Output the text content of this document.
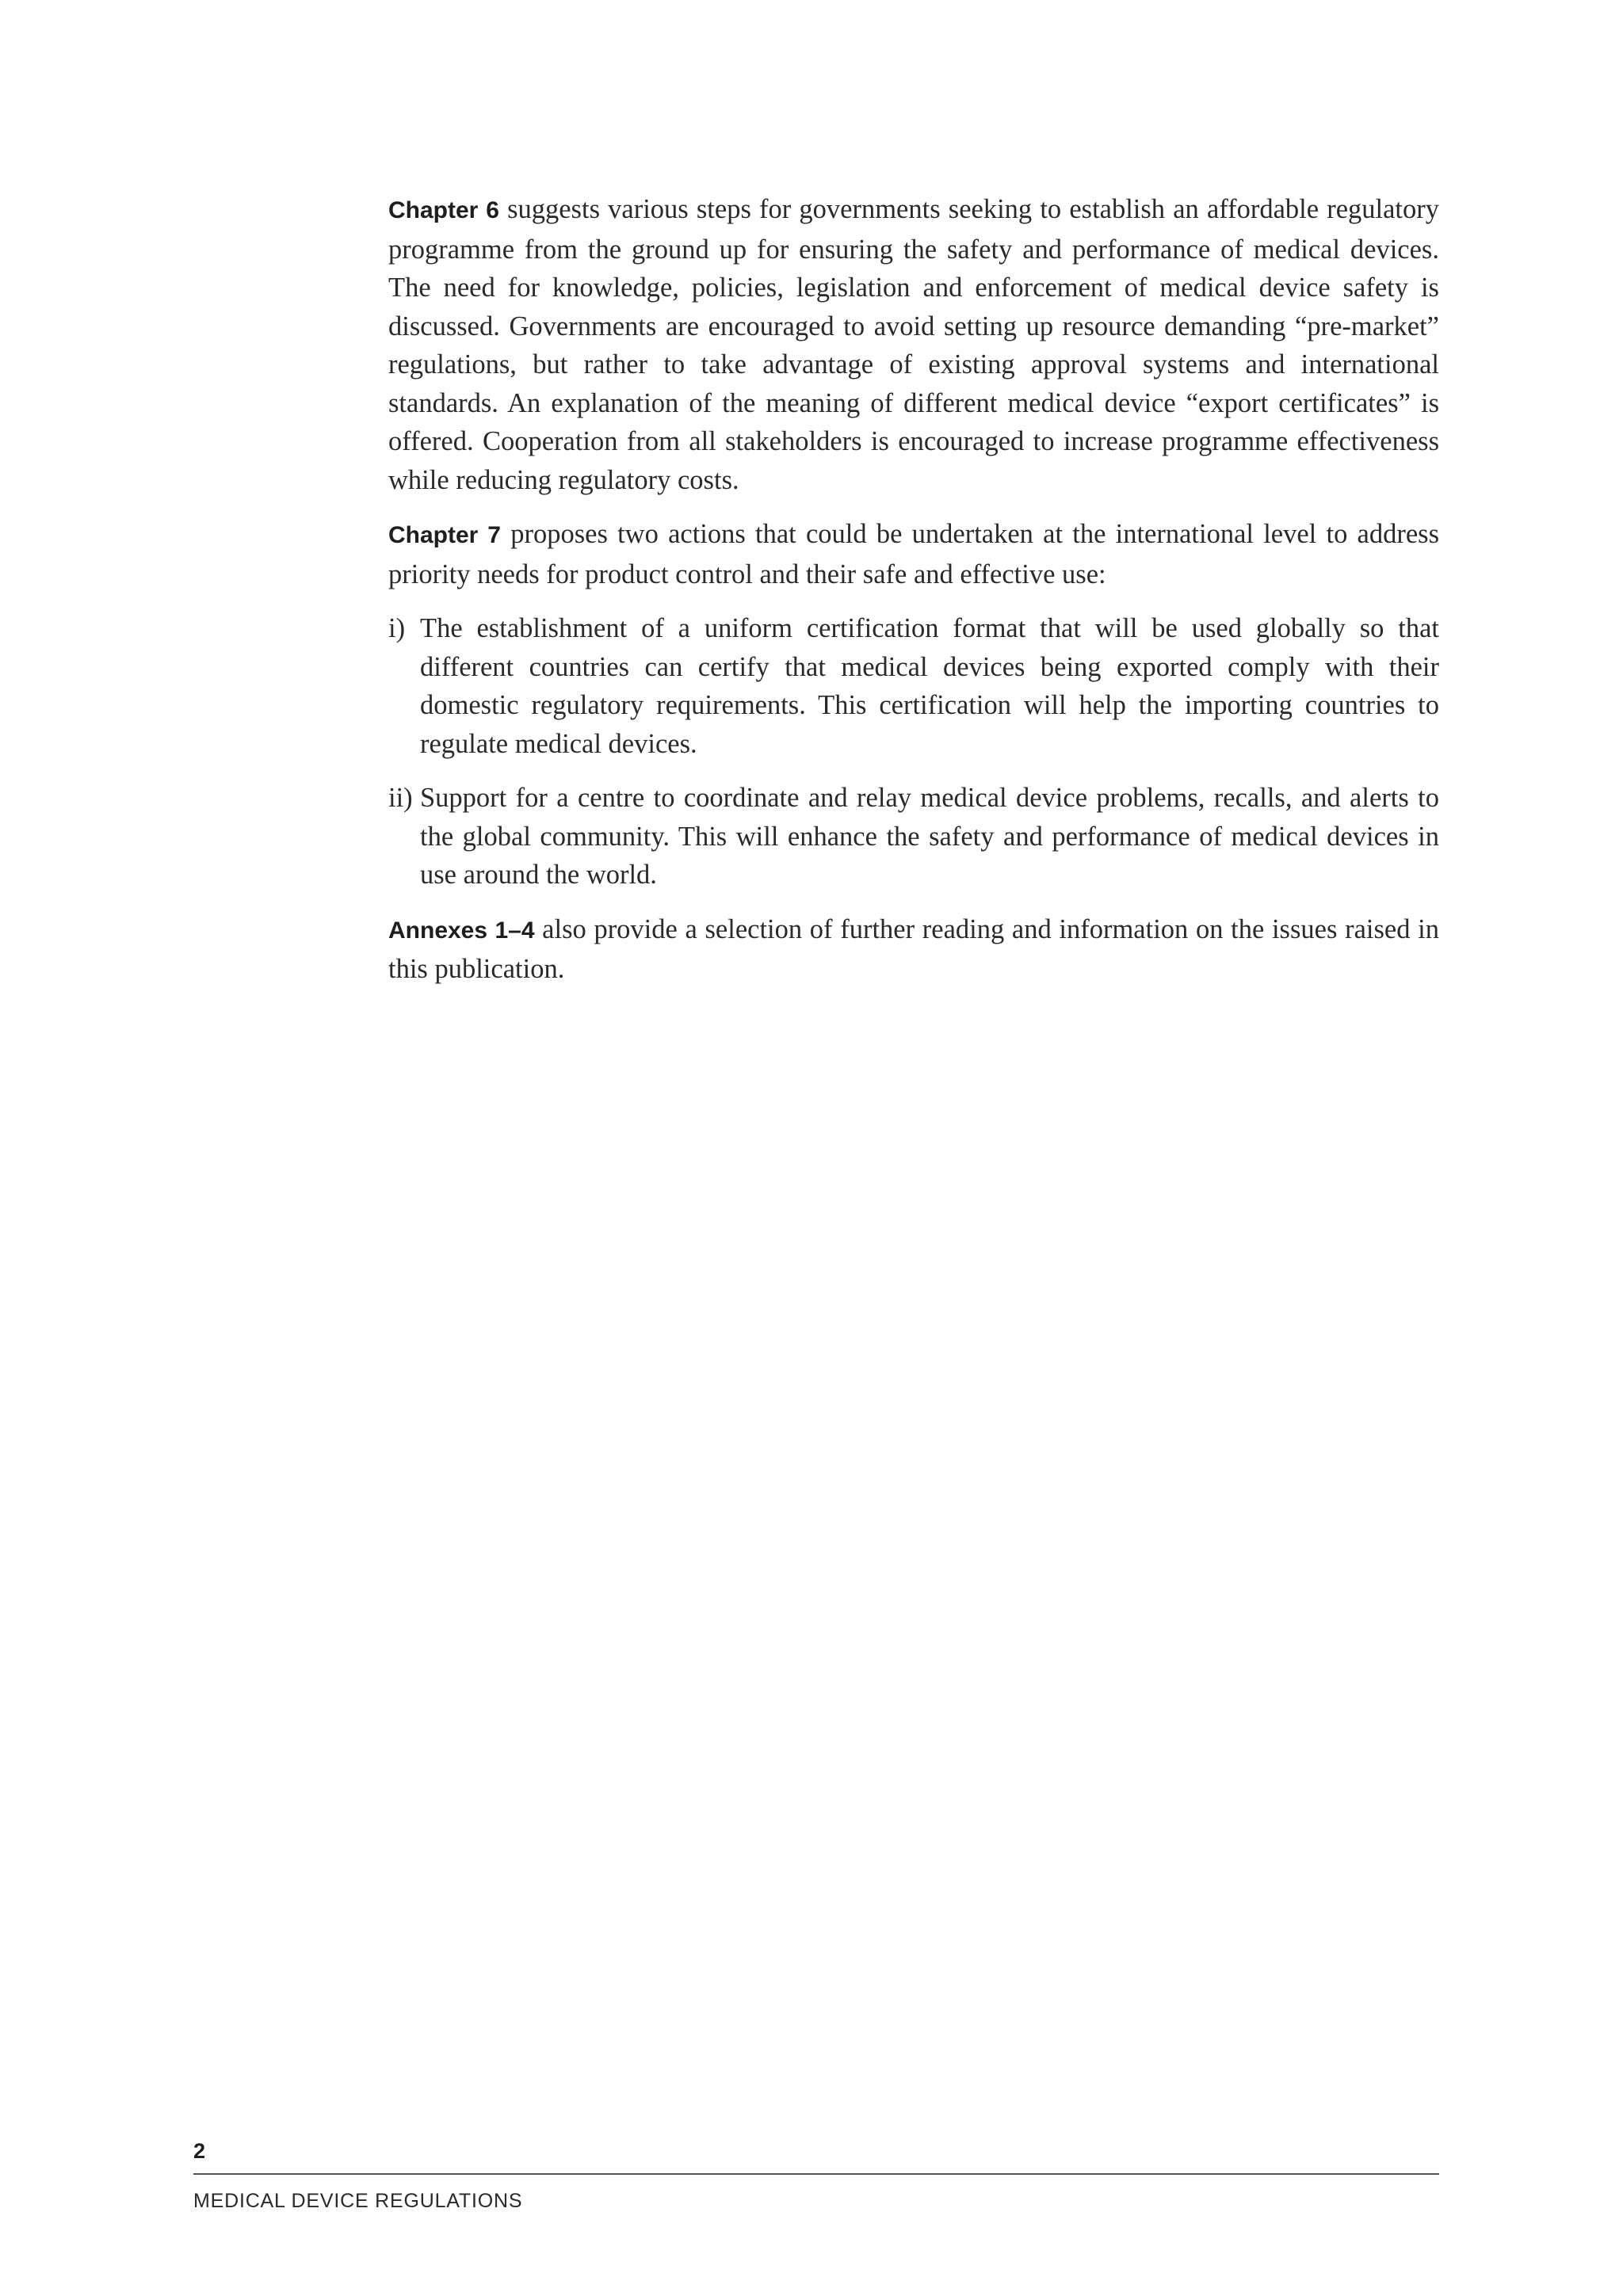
Chapter 6 suggests various steps for governments seeking to establish an affordable regulatory programme from the ground up for ensuring the safety and performance of medical devices. The need for knowledge, policies, legislation and enforcement of medical device safety is discussed. Governments are encouraged to avoid setting up resource demanding “pre-market” regulations, but rather to take advantage of existing approval systems and international standards. An explanation of the meaning of different medical device “export certificates” is offered. Cooperation from all stakeholders is encouraged to increase programme effectiveness while reducing regulatory costs.

Chapter 7 proposes two actions that could be undertaken at the international level to address priority needs for product control and their safe and effective use:

i) The establishment of a uniform certification format that will be used globally so that different countries can certify that medical devices being exported comply with their domestic regulatory requirements. This certification will help the importing countries to regulate medical devices.
ii) Support for a centre to coordinate and relay medical device problems, recalls, and alerts to the global community. This will enhance the safety and performance of medical devices in use around the world.

Annexes 1–4 also provide a selection of further reading and information on the issues raised in this publication.

2
MEDICAL DEVICE REGULATIONS
